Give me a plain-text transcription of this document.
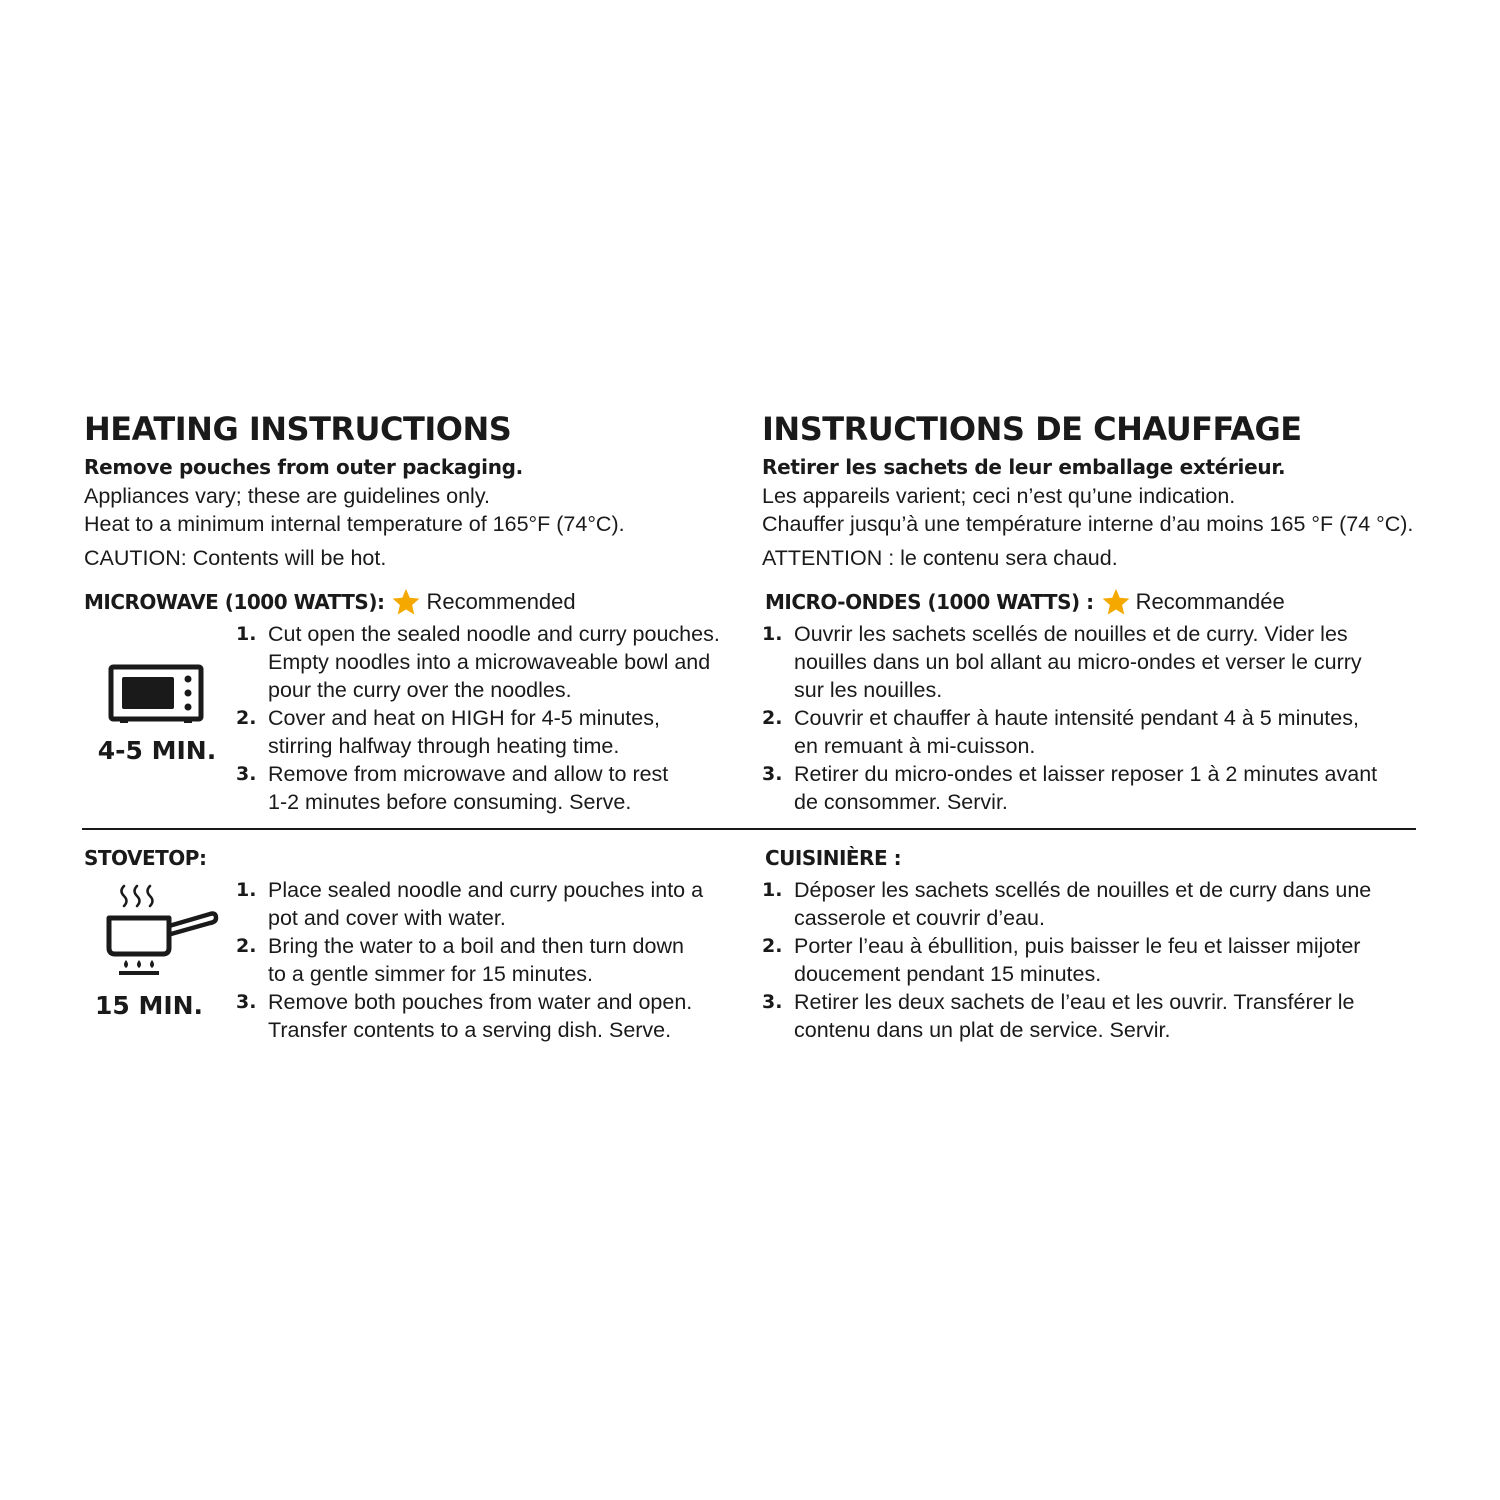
HEATING INSTRUCTIONS
Remove pouches from outer packaging.
Appliances vary; these are guidelines only.
Heat to a minimum internal temperature of 165°F (74°C).
CAUTION: Contents will be hot.
MICROWAVE (1000 WATTS): Recommended
4-5 MIN.
1. Cut open the sealed noodle and curry pouches.
Empty noodles into a microwaveable bowl and
pour the curry over the noodles.
2. Cover and heat on HIGH for 4-5 minutes,
stirring halfway through heating time.
3. Remove from microwave and allow to rest
1-2 minutes before consuming. Serve.
INSTRUCTIONS DE CHAUFFAGE
Retirer les sachets de leur emballage extérieur.
Les appareils varient; ceci n’est qu’une indication.
Chauffer jusqu’à une température interne d’au moins 165 °F (74 °C).
ATTENTION : le contenu sera chaud.
MICRO-ONDES (1000 WATTS) : Recommandée
1. Ouvrir les sachets scellés de nouilles et de curry. Vider les
nouilles dans un bol allant au micro-ondes et verser le curry
sur les nouilles.
2. Couvrir et chauffer à haute intensité pendant 4 à 5 minutes,
en remuant à mi-cuisson.
3. Retirer du micro-ondes et laisser reposer 1 à 2 minutes avant
de consommer. Servir.
STOVETOP:
15 MIN.
1. Place sealed noodle and curry pouches into a
pot and cover with water.
2. Bring the water to a boil and then turn down
to a gentle simmer for 15 minutes.
3. Remove both pouches from water and open.
Transfer contents to a serving dish. Serve.
CUISINIÈRE :
1. Déposer les sachets scellés de nouilles et de curry dans une
casserole et couvrir d’eau.
2. Porter l’eau à ébullition, puis baisser le feu et laisser mijoter
doucement pendant 15 minutes.
3. Retirer les deux sachets de l’eau et les ouvrir. Transférer le
contenu dans un plat de service. Servir.
